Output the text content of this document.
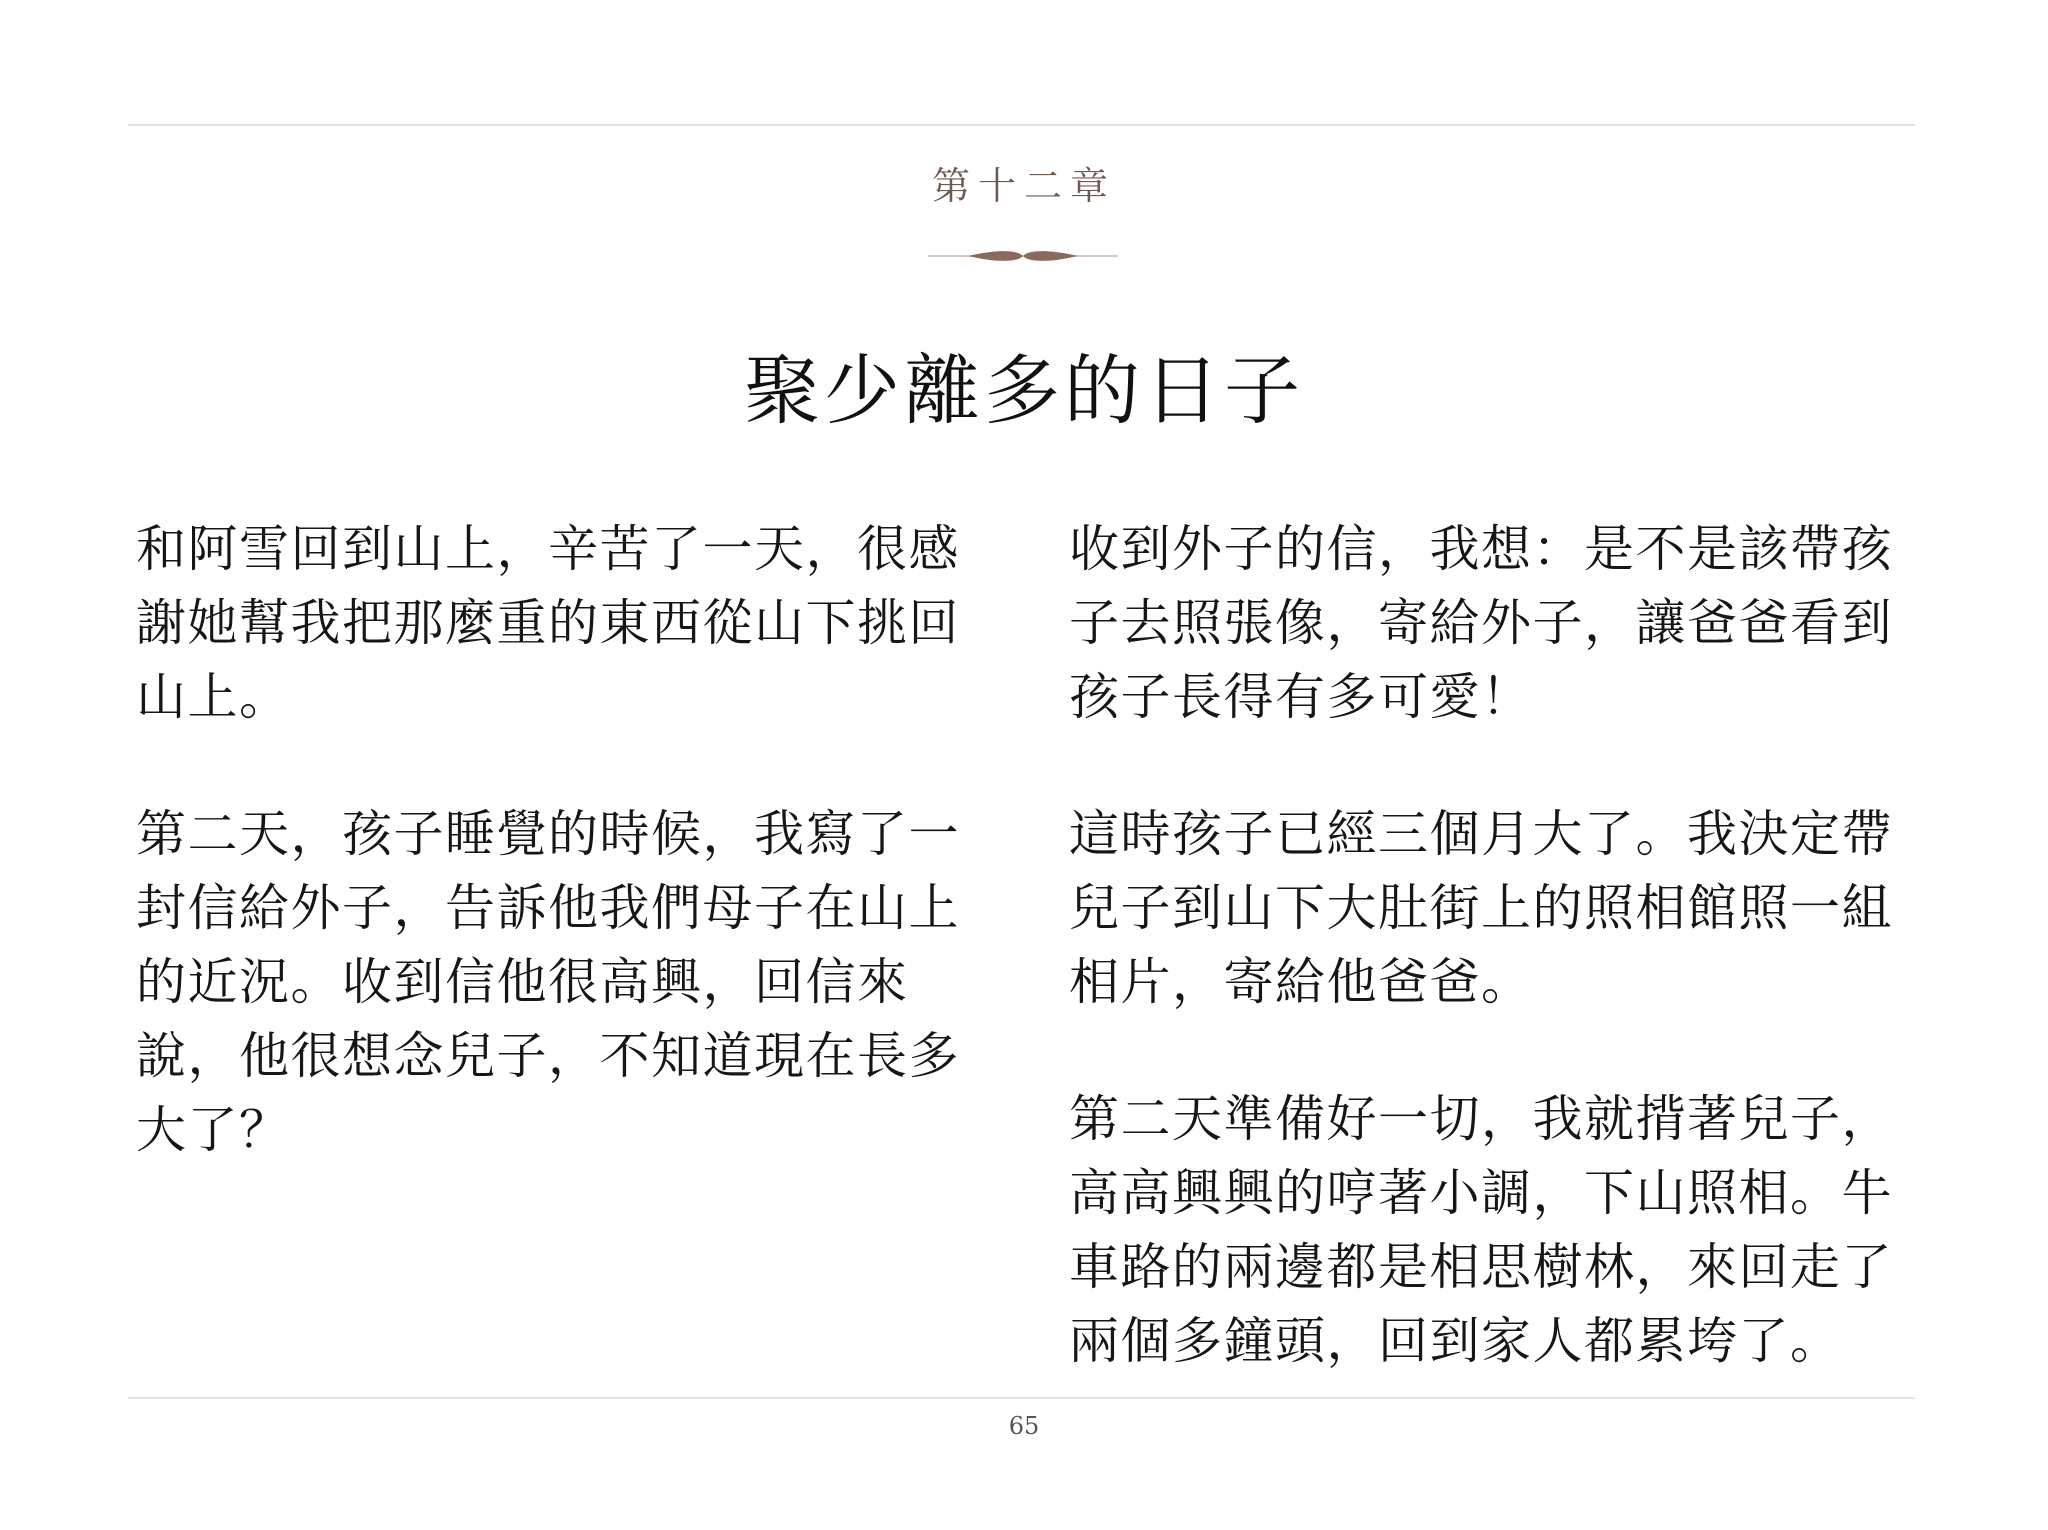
第十二章
聚少離多的日子

和阿雪回到山上，辛苦了一天，很感謝她幫我把那麼重的東西從山下挑回山上。

第二天，孩子睡覺的時候，我寫了一封信給外子，告訴他我們母子在山上的近況。收到信他很高興，回信來說，他很想念兒子，不知道現在長多大了？

收到外子的信，我想：是不是該帶孩子去照張像，寄給外子，讓爸爸看到孩子長得有多可愛！

這時孩子已經三個月大了。我決定帶兒子到山下大肚街上的照相館照一組相片，寄給他爸爸。

第二天準備好一切，我就揹著兒子，高高興興的哼著小調，下山照相。牛車路的兩邊都是相思樹林，來回走了兩個多鐘頭，回到家人都累垮了。

65
